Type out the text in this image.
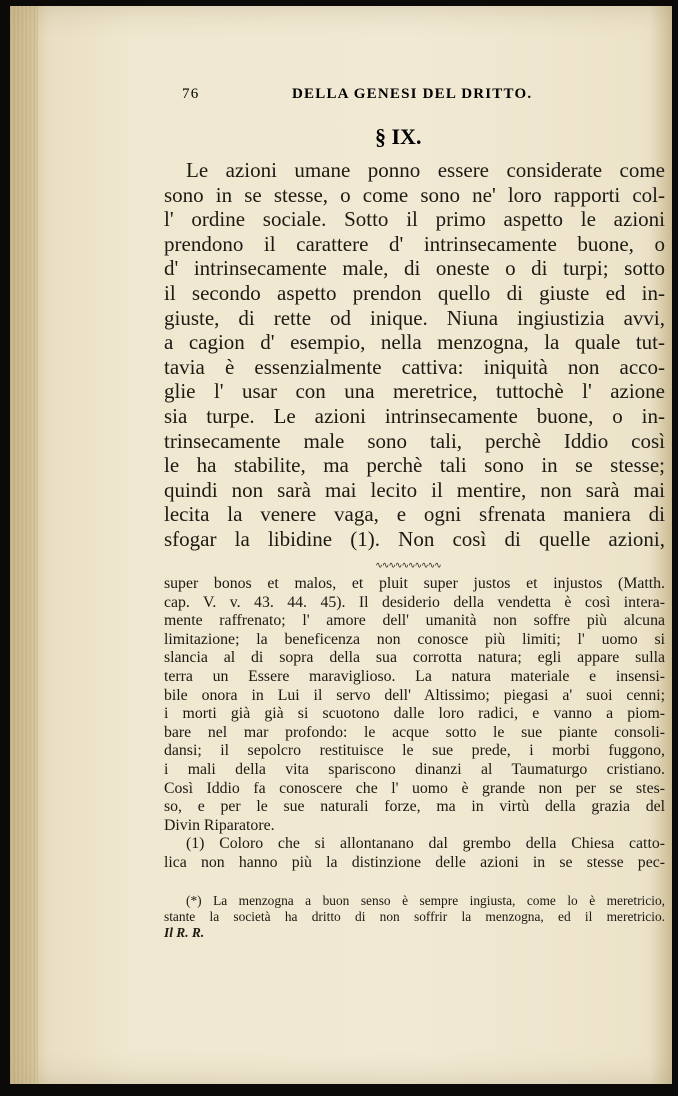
76	DELLA GENESI DEL DRITTO.
§ IX.
Le azioni umane ponno essere considerate come
sono in se stesse, o come sono ne' loro rapporti col-
l' ordine sociale. Sotto il primo aspetto le azioni
prendono il carattere d' intrinsecamente buone, o
d' intrinsecamente male, di oneste o di turpi; sotto
il secondo aspetto prendon quello di giuste ed in-
giuste, di rette od inique. Niuna ingiustizia avvi,
a cagion d' esempio, nella menzogna, la quale tut-
tavia è essenzialmente cattiva: iniquità non acco-
glie l' usar con una meretrice, tuttochè l' azione
sia turpe. Le azioni intrinsecamente buone, o in-
trinsecamente male sono tali, perchè Iddio così
le ha stabilite, ma perchè tali sono in se stesse;
quindi non sarà mai lecito il mentire, non sarà mai
lecita la venere vaga, e ogni sfrenata maniera di
sfogar la libidine (1). Non così di quelle azioni,
∿∿∿∿∿∿∿∿∿∿
super bonos et malos, et pluit super justos et injustos (Matth.
cap. V. v. 43. 44. 45). Il desiderio della vendetta è così intera-
mente raffrenato; l' amore dell' umanità non soffre più alcuna
limitazione; la beneficenza non conosce più limiti; l' uomo si
slancia al di sopra della sua corrotta natura; egli appare sulla
terra un Essere maraviglioso. La natura materiale e insensi-
bile onora in Lui il servo dell' Altissimo; piegasi a' suoi cenni;
i morti già già si scuotono dalle loro radici, e vanno a piom-
bare nel mar profondo: le acque sotto le sue piante consoli-
dansi; il sepolcro restituisce le sue prede, i morbi fuggono,
i mali della vita spariscono dinanzi al Taumaturgo cristiano.
Così Iddio fa conoscere che l' uomo è grande non per se stes-
so, e per le sue naturali forze, ma in virtù della grazia del
Divin Riparatore.
(1) Coloro che si allontanano dal grembo della Chiesa catto-
lica non hanno più la distinzione delle azioni in se stesse pec-
(*) La menzogna a buon senso è sempre ingiusta, come lo è meretricio,
stante la società ha dritto di non soffrir la menzogna, ed il meretricio.
Il R. R.
